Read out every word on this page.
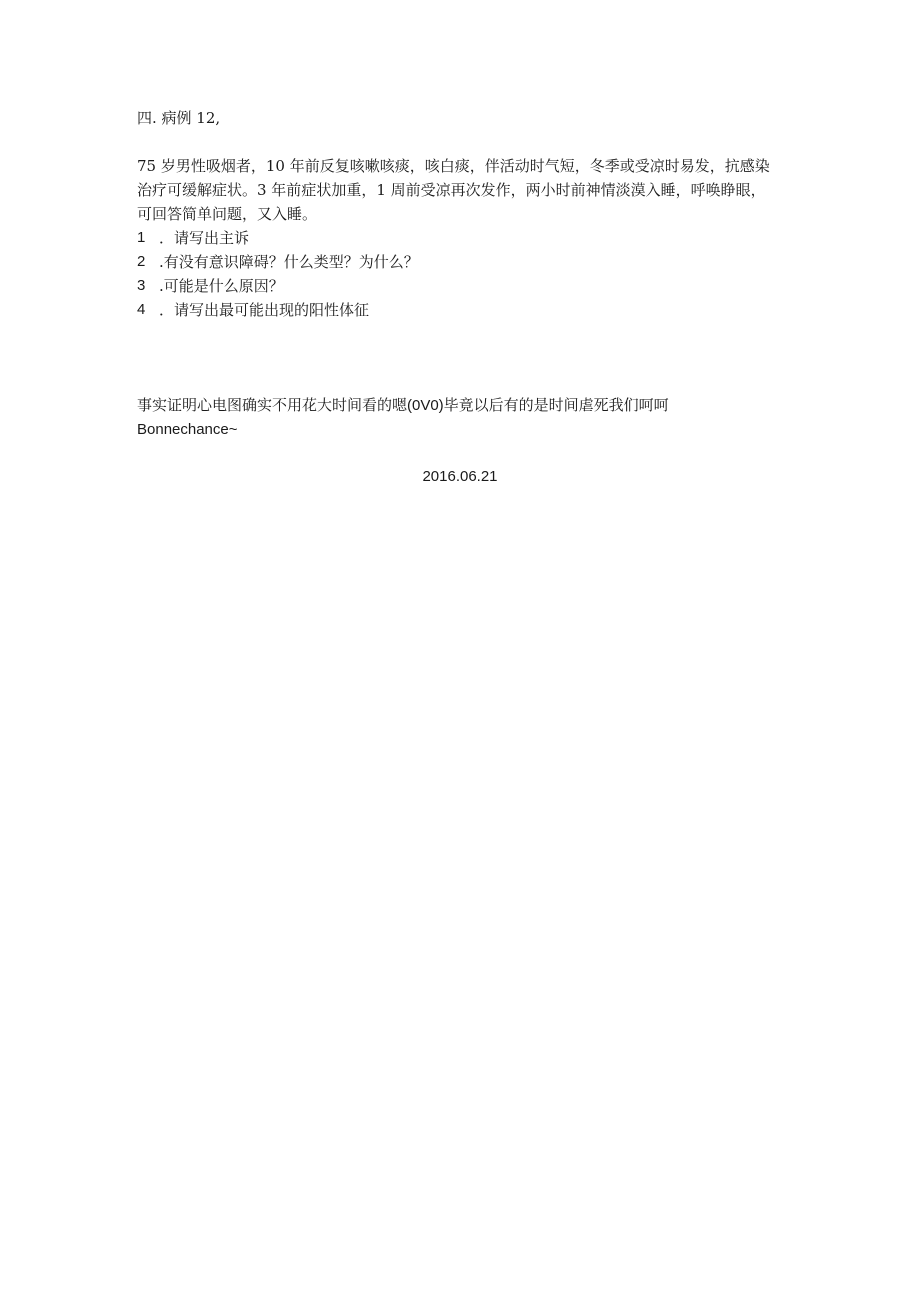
四. 病例 12,
75 岁男性吸烟者，10 年前反复咳嗽咳痰，咳白痰，伴活动时气短，冬季或受凉时易发，抗感染
治疗可缓解症状。3 年前症状加重，1 周前受凉再次发作，两小时前神情淡漠入睡，呼唤睁眼，
可回答简单问题，又入睡。
1 ．请写出主诉
2 .有没有意识障碍？什么类型？为什么？
3 .可能是什么原因？
4 ．请写出最可能出现的阳性体征
事实证明心电图确实不用花大时间看的嗯(0V0)毕竟以后有的是时间虐死我们呵呵
Bonnechance~
2016.06.21
